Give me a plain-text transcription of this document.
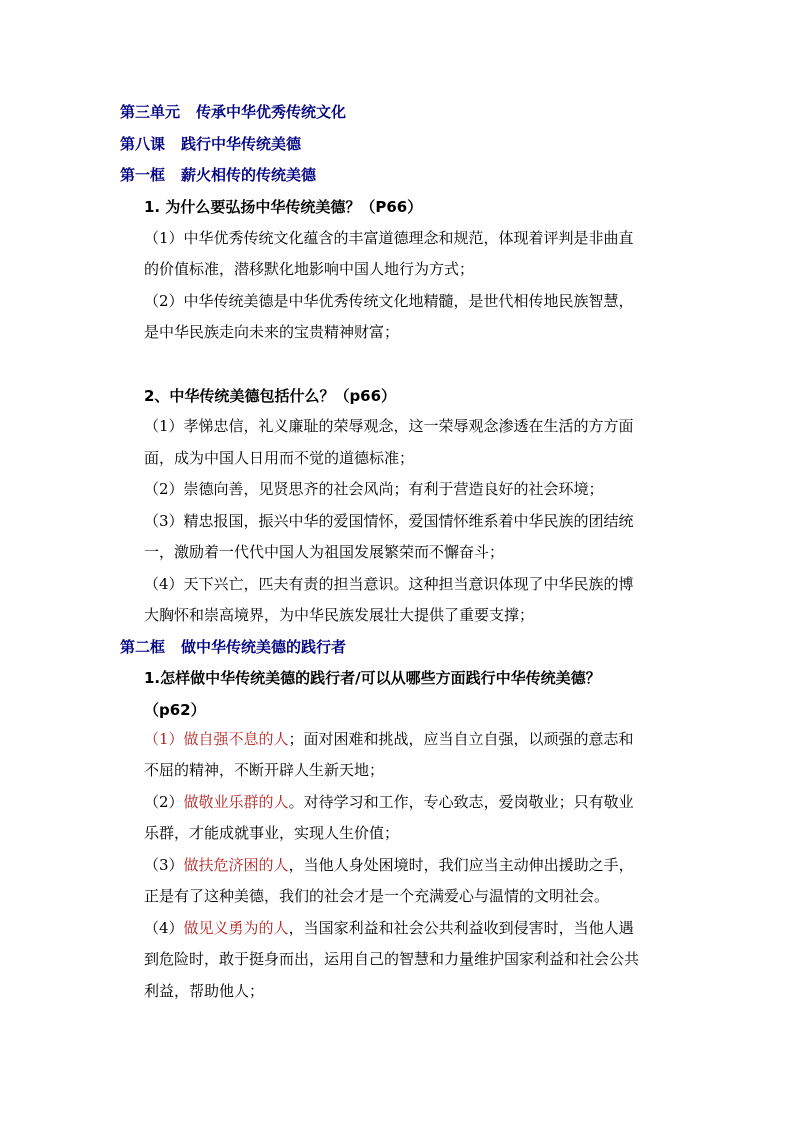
第三单元 传承中华优秀传统文化
第八课 践行中华传统美德
第一框 薪火相传的传统美德
1. 为什么要弘扬中华传统美德？（P66）
（1）中华优秀传统文化蕴含的丰富道德理念和规范，体现着评判是非曲直
的价值标准，潜移默化地影响中国人地行为方式；
（2）中华传统美德是中华优秀传统文化地精髓，是世代相传地民族智慧，
是中华民族走向未来的宝贵精神财富；
2、中华传统美德包括什么？（p66）
（1）孝悌忠信，礼义廉耻的荣辱观念，这一荣辱观念渗透在生活的方方面
面，成为中国人日用而不觉的道德标准；
（2）崇德向善，见贤思齐的社会风尚；有利于营造良好的社会环境；
（3）精忠报国，振兴中华的爱国情怀，爱国情怀维系着中华民族的团结统
一，激励着一代代中国人为祖国发展繁荣而不懈奋斗；
（4）天下兴亡，匹夫有责的担当意识。这种担当意识体现了中华民族的博
大胸怀和崇高境界，为中华民族发展壮大提供了重要支撑；
第二框 做中华传统美德的践行者
1.怎样做中华传统美德的践行者/可以从哪些方面践行中华传统美德？
（p62）
（1）做自强不息的人；面对困难和挑战，应当自立自强，以顽强的意志和
不屈的精神，不断开辟人生新天地；
（2）做敬业乐群的人。对待学习和工作，专心致志，爱岗敬业；只有敬业
乐群，才能成就事业，实现人生价值；
（3）做扶危济困的人，当他人身处困境时，我们应当主动伸出援助之手，
正是有了这种美德，我们的社会才是一个充满爱心与温情的文明社会。
（4）做见义勇为的人，当国家利益和社会公共利益收到侵害时，当他人遇
到危险时，敢于挺身而出，运用自己的智慧和力量维护国家利益和社会公共
利益，帮助他人；
